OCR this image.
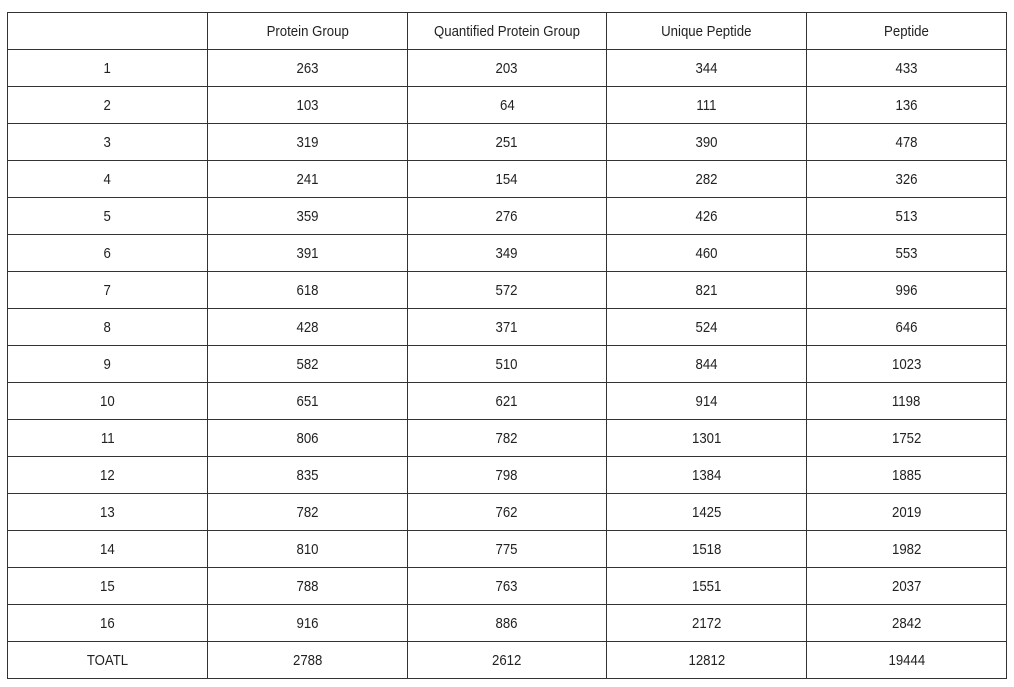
	Protein Group	Quantified Protein Group	Unique Peptide	Peptide
1	263	203	344	433
2	103	64	111	136
3	319	251	390	478
4	241	154	282	326
5	359	276	426	513
6	391	349	460	553
7	618	572	821	996
8	428	371	524	646
9	582	510	844	1023
10	651	621	914	1198
11	806	782	1301	1752
12	835	798	1384	1885
13	782	762	1425	2019
14	810	775	1518	1982
15	788	763	1551	2037
16	916	886	2172	2842
TOATL	2788	2612	12812	19444
